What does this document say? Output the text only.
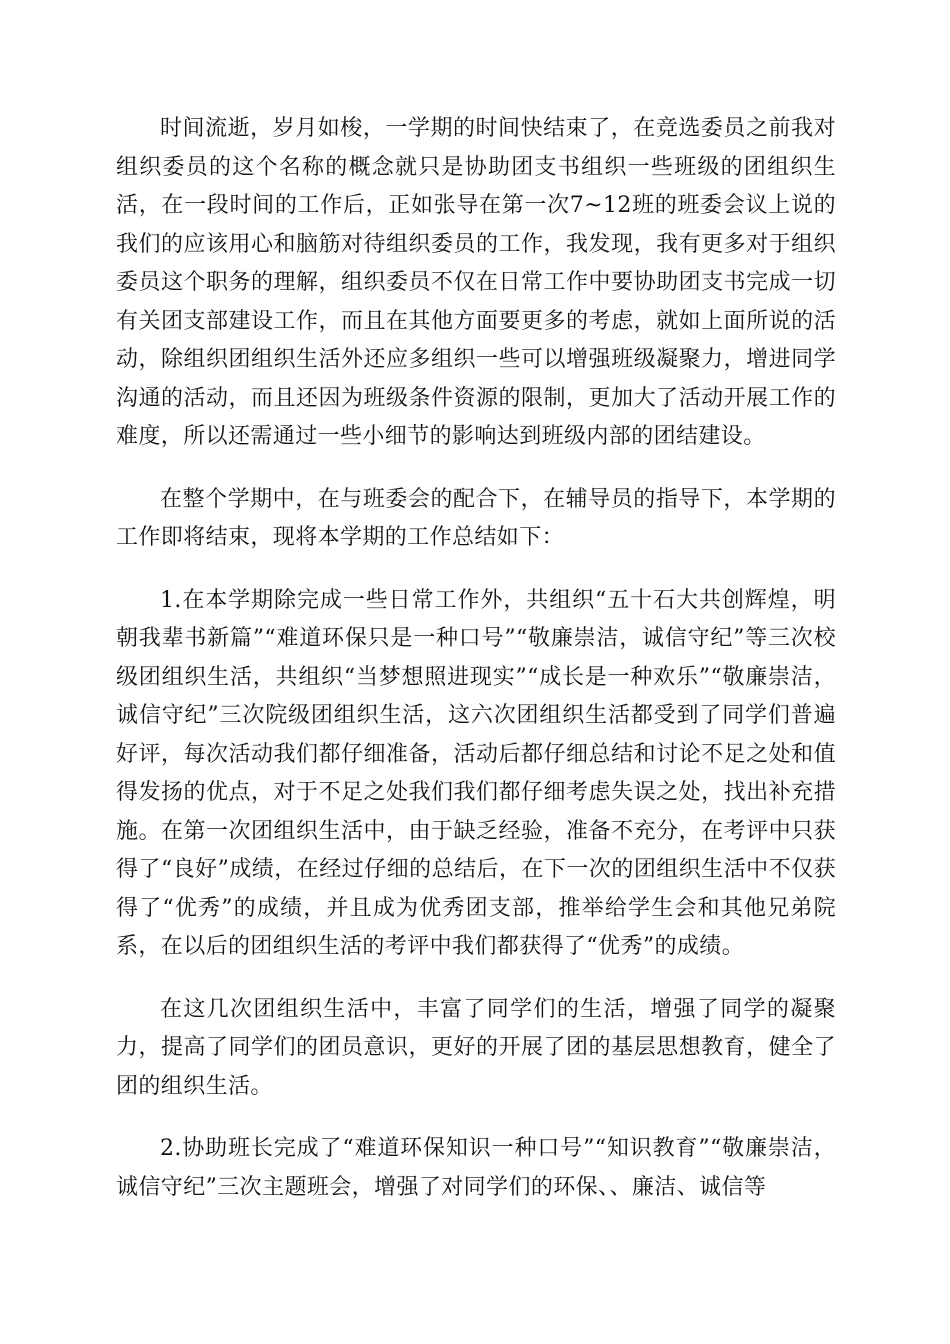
时间流逝，岁月如梭，一学期的时间快结束了，在竞选委员之前我对组织委员的这个名称的概念就只是协助团支书组织一些班级的团组织生活，在一段时间的工作后，正如张导在第一次7~12班的班委会议上说的我们的应该用心和脑筋对待组织委员的工作，我发现，我有更多对于组织委员这个职务的理解，组织委员不仅在日常工作中要协助团支书完成一切有关团支部建设工作，而且在其他方面要更多的考虑，就如上面所说的活动，除组织团组织生活外还应多组织一些可以增强班级凝聚力，增进同学沟通的活动，而且还因为班级条件资源的限制，更加大了活动开展工作的难度，所以还需通过一些小细节的影响达到班级内部的团结建设。

在整个学期中，在与班委会的配合下，在辅导员的指导下，本学期的工作即将结束，现将本学期的工作总结如下：

1.在本学期除完成一些日常工作外，共组织“五十石大共创辉煌，明朝我辈书新篇”“难道环保只是一种口号”“敬廉崇洁，诚信守纪”等三次校级团组织生活，共组织“当梦想照进现实”“成长是一种欢乐”“敬廉崇洁，诚信守纪”三次院级团组织生活，这六次团组织生活都受到了同学们普遍好评，每次活动我们都仔细准备，活动后都仔细总结和讨论不足之处和值得发扬的优点，对于不足之处我们我们都仔细考虑失误之处，找出补充措施。在第一次团组织生活中，由于缺乏经验，准备不充分，在考评中只获得了“良好”成绩，在经过仔细的总结后，在下一次的团组织生活中不仅获得了“优秀”的成绩，并且成为优秀团支部，推举给学生会和其他兄弟院系，在以后的团组织生活的考评中我们都获得了“优秀”的成绩。

在这几次团组织生活中，丰富了同学们的生活，增强了同学的凝聚力，提高了同学们的团员意识，更好的开展了团的基层思想教育，健全了团的组织生活。

2.协助班长完成了“难道环保知识一种口号”“知识教育”“敬廉崇洁，诚信守纪”三次主题班会，增强了对同学们的环保、、廉洁、诚信等
